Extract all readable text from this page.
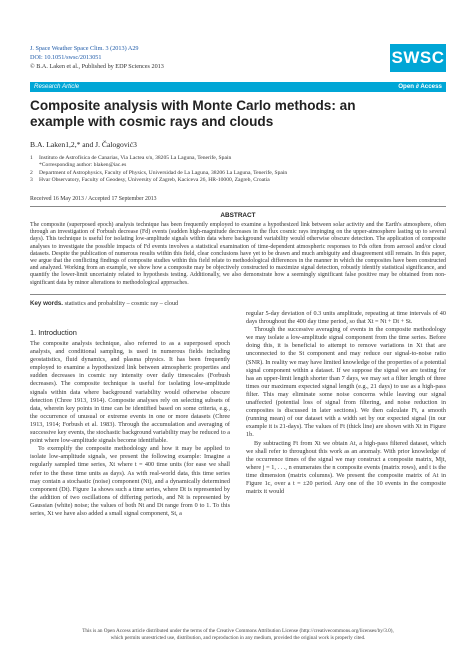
J. Space Weather Space Clim. 3 (2013) A29
DOI: 10.1051/swsc/2013051
© B.A. Laken et al., Published by EDP Sciences 2013	SWSC
Research Article	Open ∂ Access
Composite analysis with Monte Carlo methods: an example with cosmic rays and clouds
B.A. Laken1,2,* and J. Čalogović3
1	Instituto de Astrofísica de Canarias, Via Lactea s/n, 38205 La Laguna, Tenerife, Spain
*Corresponding author: blaken@iac.es
2	Department of Astrophysics, Faculty of Physics, Universidad de La Laguna, 38206 La Laguna, Tenerife, Spain
3	Hvar Observatory, Faculty of Geodesy, University of Zagreb, Kaciceva 26, HR-10000, Zagreb, Croatia
Received 16 May 2013 / Accepted 17 September 2013
ABSTRACT

The composite (superposed epoch) analysis technique has been frequently employed to examine a hypothesized link between solar activity and the Earth's atmosphere, often through an investigation of Forbush decrease (Fd) events (sudden high-magnitude decreases in the flux cosmic rays impinging on the upper-atmosphere lasting up to several days). This technique is useful for isolating low-amplitude signals within data where background variability would otherwise obscure detection. The application of composite analyses to investigate the possible impacts of Fd events involves a statistical examination of time-dependent atmospheric responses to Fds often from aerosol and/or cloud datasets. Despite the publication of numerous results within this field, clear conclusions have yet to be drawn and much ambiguity and disagreement still remain. In this paper, we argue that the conflicting findings of composite studies within this field relate to methodological differences in the manner in which the composites have been constructed and analyzed. Working from an example, we show how a composite may be objectively constructed to maximize signal detection, robustly identify statistical significance, and quantify the lower-limit uncertainty related to hypothesis testing. Additionally, we also demonstrate how a seemingly significant false positive may be obtained from non-significant data by minor alterations to methodological approaches.

Key words. statistics and probability – cosmic ray – cloud
1. Introduction

The composite analysis technique, also referred to as a superposed epoch analysis, and conditional sampling, is used in numerous fields including geostatistics, fluid dynamics, and plasma physics. It has been frequently employed to examine a hypothesized link between atmospheric properties and sudden decreases in cosmic ray intensity over daily timescales (Forbush decreases). The composite technique is useful for isolating low-amplitude signals within data where background variability would otherwise obscure detection (Chree 1913, 1914). Composite analyses rely on selecting subsets of data, wherein key points in time can be identified based on some criteria, e.g., the occurrence of unusual or extreme events in one or more datasets (Chree 1913, 1914; Forbush et al. 1983). Through the accumulation and averaging of successive key events, the stochastic background variability may be reduced to a point where low-amplitude signals become identifiable.

To exemplify the composite methodology and how it may be applied to isolate low-amplitude signals, we present the following example: Imagine a regularly sampled time series, Xt where t = 400 time units (for ease we shall refer to the these time units as days). As with real-world data, this time series may contain a stochastic (noise) component (Nt), and a dynamically determined component (Dt). Figure 1a shows such a time series, where Dt is represented by the addition of two oscillations of differing periods, and Nt is represented by Gaussian (white) noise; the values of both Nt and Dt range from 0 to 1. To this series, Xt we have also added a small signal component, St, a

regular 5-day deviation of 0.3 units amplitude, repeating at time intervals of 40 days throughout the 400 day time period, so that Xt = Nt + Dt + St.

Through the successive averaging of events in the composite methodology we may isolate a low-amplitude signal component from the time series. Before doing this, it is beneficial to attempt to remove variations in Xt that are unconnected to the St component and may reduce our signal-to-noise ratio (SNR). In reality we may have limited knowledge of the properties of a potential signal component within a dataset. If we suppose the signal we are testing for has an upper-limit length shorter than 7 days, we may set a filter length of three times our maximum expected signal length (e.g., 21 days) to use as a high-pass filter. This may eliminate some noise concerns while leaving our signal unaffected (potential loss of signal from filtering, and noise reduction in composites is discussed in later sections). We then calculate Ft, a smooth (running mean) of our dataset with a width set by our expected signal (in our example it is 21-days). The values of Ft (thick line) are shown with Xt in Figure 1b.

By subtracting Ft from Xt we obtain At, a high-pass filtered dataset, which we shall refer to throughout this work as an anomaly. With prior knowledge of the occurrence times of the signal we may construct a composite matrix, Mjt, where j = 1, . . ., n enumerates the n composite events (matrix rows), and t is the time dimension (matrix columns). We present the composite matrix of At in Figure 1c, over a t = ±20 period. Any one of the 10 events in the composite matrix it would

This is an Open Access article distributed under the terms of the Creative Commons Attribution License (http://creativecommons.org/licenses/by/3.0),
which permits unrestricted use, distribution, and reproduction in any medium, provided the original work is properly cited.
